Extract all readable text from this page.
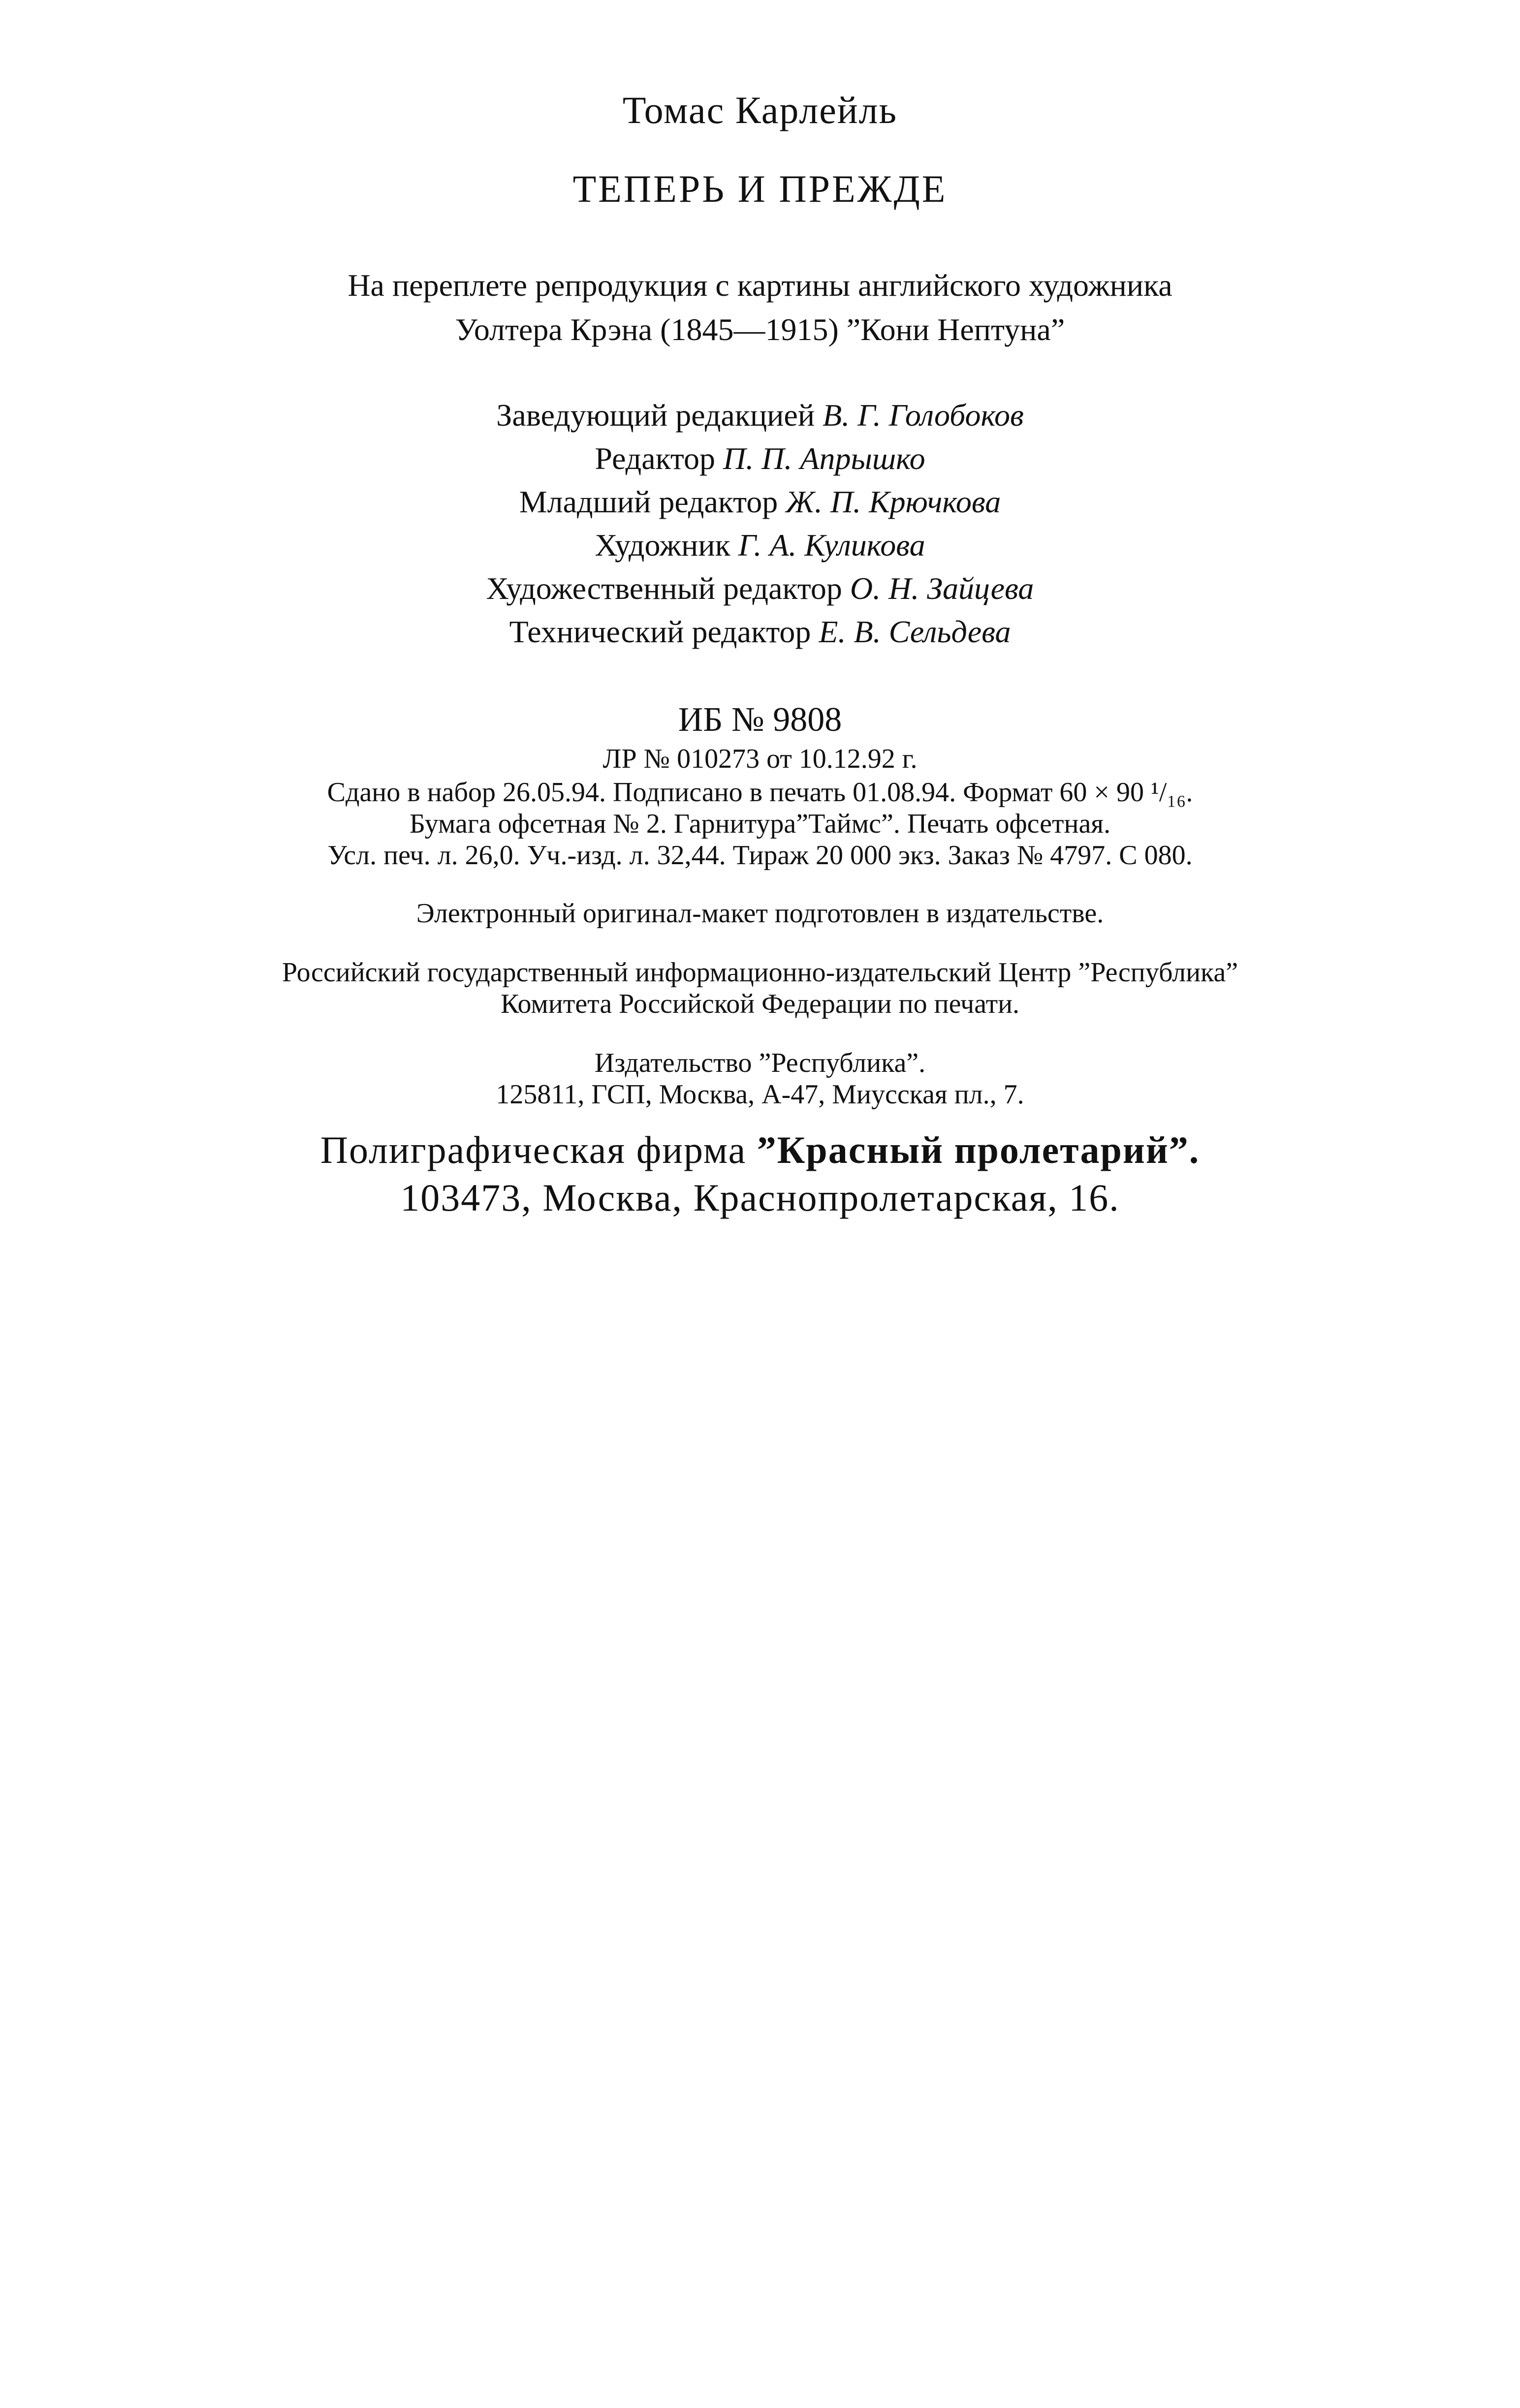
Томас Карлейль
ТЕПЕРЬ И ПРЕЖДЕ
На переплете репродукция с картины английского художника
Уолтера Крэна (1845—1915) ”Кони Нептуна”
Заведующий редакцией В. Г. Голобоков
Редактор П. П. Апрышко
Младший редактор Ж. П. Крючкова
Художник Г. А. Куликова
Художественный редактор О. Н. Зайцева
Технический редактор Е. В. Сельдева
ИБ № 9808
ЛР № 010273 от 10.12.92 г.
Сдано в набор 26.05.94. Подписано в печать 01.08.94. Формат 60 × 90 ¹/₁₆.
Бумага офсетная № 2. Гарнитура”Таймс”. Печать офсетная.
Усл. печ. л. 26,0. Уч.-изд. л. 32,44. Тираж 20 000 экз. Заказ № 4797. С 080.
Электронный оригинал-макет подготовлен в издательстве.
Российский государственный информационно-издательский Центр ”Республика”
Комитета Российской Федерации по печати.
Издательство ”Республика”.
125811, ГСП, Москва, А-47, Миусская пл., 7.
Полиграфическая фирма ”Красный пролетарий”.
103473, Москва, Краснопролетарская, 16.
